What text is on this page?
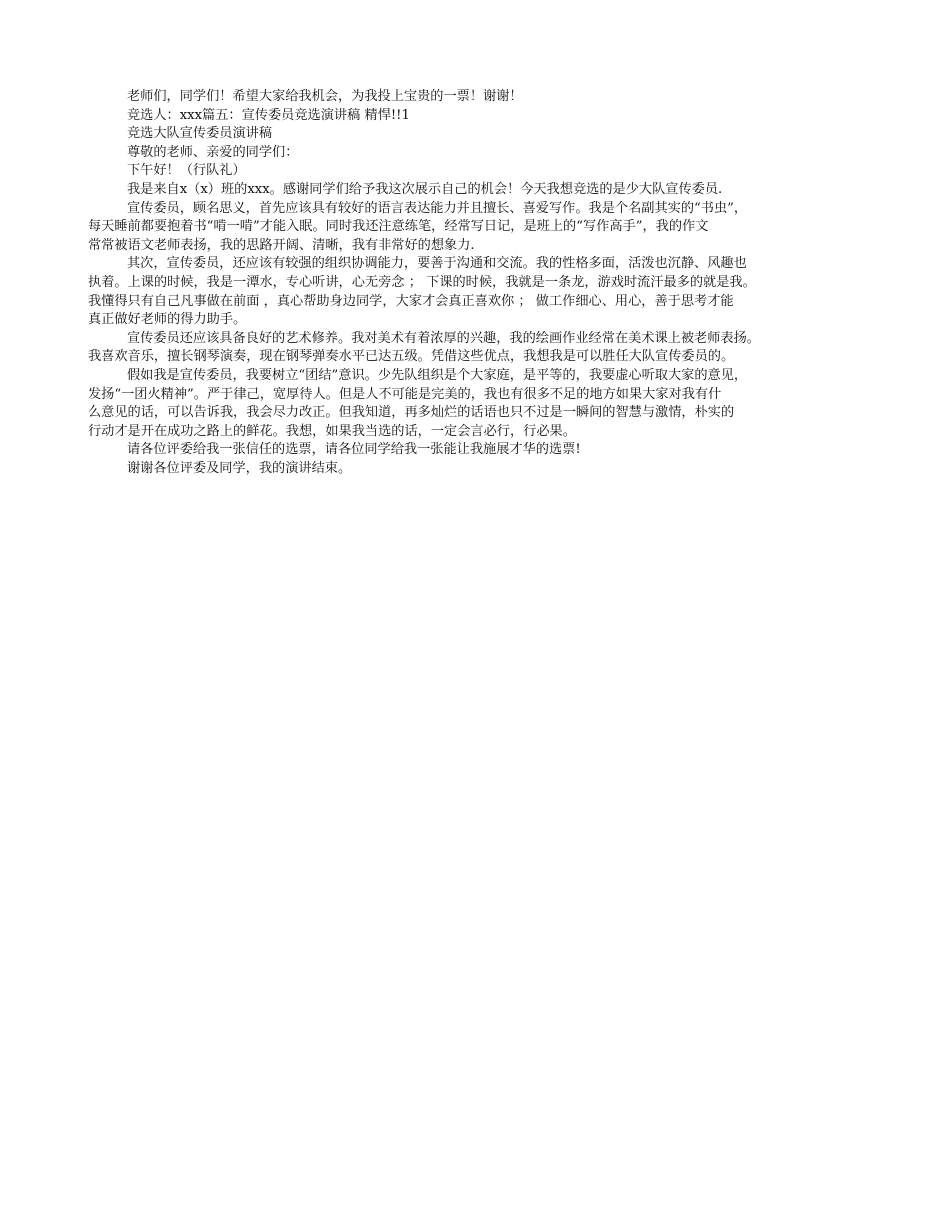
老师们，同学们！希望大家给我机会，为我投上宝贵的一票！谢谢！
竞选人：xxx篇五：宣传委员竞选演讲稿 精悍!!1
竞选大队宣传委员演讲稿
尊敬的老师、亲爱的同学们：
下午好！（行队礼）
我是来自x（x）班的xxx。感谢同学们给予我这次展示自己的机会！今天我想竞选的是少大队宣传委员.
宣传委员，顾名思义，首先应该具有较好的语言表达能力并且擅长、喜爱写作。我是个名副其实的“书虫”，
每天睡前都要抱着书“啃一啃”才能入眠。同时我还注意练笔，经常写日记，是班上的“写作高手”，我的作文
常常被语文老师表扬，我的思路开阔、清晰，我有非常好的想象力.
其次，宣传委员，还应该有较强的组织协调能力，要善于沟通和交流。我的性格多面，活泼也沉静、风趣也
执着。上课的时候，我是一潭水，专心听讲，心无旁念 ； 下课的时候，我就是一条龙，游戏时流汗最多的就是我。
我懂得只有自己凡事做在前面 ，真心帮助身边同学，大家才会真正喜欢你 ； 做工作细心、用心，善于思考才能
真正做好老师的得力助手。
宣传委员还应该具备良好的艺术修养。我对美术有着浓厚的兴趣，我的绘画作业经常在美术课上被老师表扬。
我喜欢音乐，擅长钢琴演奏，现在钢琴弹奏水平已达五级。凭借这些优点，我想我是可以胜任大队宣传委员的。
假如我是宣传委员，我要树立“团结”意识。少先队组织是个大家庭，是平等的，我要虚心听取大家的意见，
发扬“一团火精神”。严于律己，宽厚待人。但是人不可能是完美的，我也有很多不足的地方如果大家对我有什
么意见的话，可以告诉我，我会尽力改正。但我知道，再多灿烂的话语也只不过是一瞬间的智慧与激情，朴实的
行动才是开在成功之路上的鲜花。我想，如果我当选的话，一定会言必行，行必果。
请各位评委给我一张信任的选票，请各位同学给我一张能让我施展才华的选票!
谢谢各位评委及同学，我的演讲结束。
